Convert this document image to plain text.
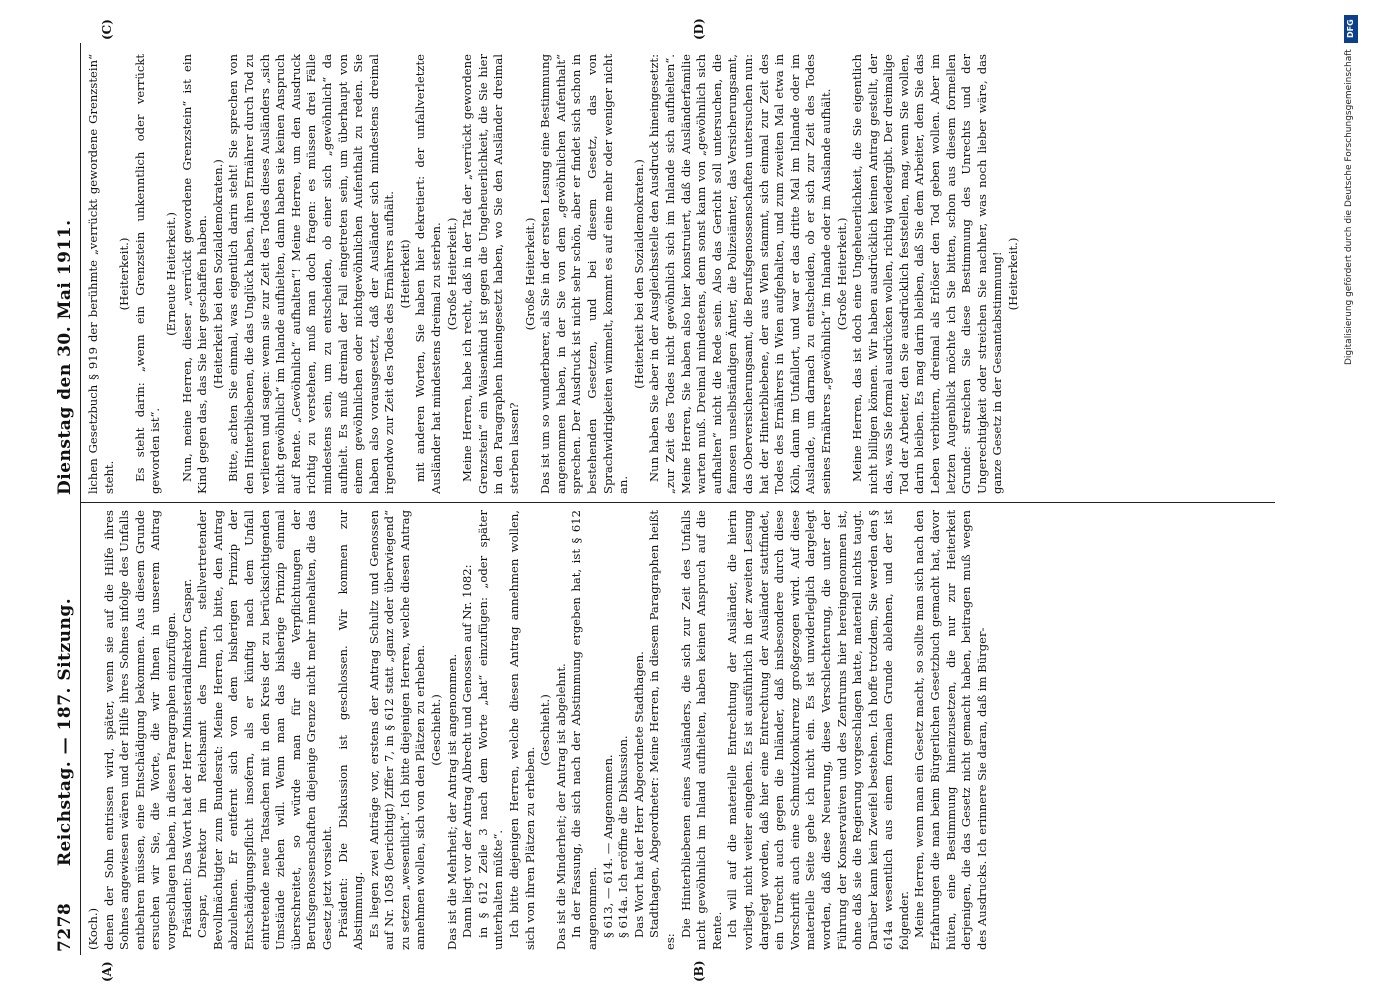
7278
Reichstag. — 187. Sitzung.
Dienstag den 30. Mai 1911.
(A)	(B)
(C)	(D)

(Koch.) denen der Sohn entrissen wird, später, wenn sie auf die Hilfe ihres Sohnes angewiesen wären und der Hilfe ihres Sohnes infolge des Unfalls entbehren müssen, eine Entschädigung bekommen. Aus diesem Grunde ersuchen wir Sie, die Worte, die wir Ihnen in unserem Antrag vorgeschlagen haben, in diesen Paragraphen einzufügen. Präsident: Das Wort hat der Herr Ministerialdirektor Caspar. Caspar, Direktor im Reichsamt des Innern, stellvertretender Bevollmächtigter zum Bundesrat: Meine Herren, ich bitte, den Antrag abzulehnen. Er entfernt sich von dem bisherigen Prinzip der Entschädigungspflicht insofern, als er künftig nach dem Unfall eintretende neue Tatsachen mit in den Kreis der zu berücksichtigenden Umstände ziehen will. Wenn man das bisherige Prinzip einmal überschreitet, so würde man für die Verpflichtungen der Berufsgenossenschaften diejenige Grenze nicht mehr innehalten, die das Gesetz jetzt vorsieht. Präsident: Die Diskussion ist geschlossen. Wir kommen zur Abstimmung. Es liegen zwei Anträge vor, erstens der Antrag Schultz und Genossen auf Nr. 1058 (berichtigt) Ziffer 7, in § 612 statt „ganz oder überwiegend“ zu setzen „wesentlich“. Ich bitte diejenigen Herren, welche diesen Antrag annehmen wollen, sich von den Plätzen zu erheben. (Geschieht.) Das ist die Mehrheit; der Antrag ist angenommen. Dann liegt vor der Antrag Albrecht und Genossen auf Nr. 1082: in § 612 Zeile 3 nach dem Worte „hat“ einzufügen: „oder später unterhalten müßte“. Ich bitte diejenigen Herren, welche diesen Antrag annehmen wollen, sich von ihren Plätzen zu erheben.

(Geschieht.) Das ist die Minderheit; der Antrag ist abgelehnt. In der Fassung, die sich nach der Abstimmung ergeben hat, ist § 612 angenommen. § 613, — 614. — Angenommen. § 614a. Ich eröffne die Diskussion. Das Wort hat der Herr Abgeordnete Stadthagen. Stadthagen, Abgeordneter: Meine Herren, in diesem Paragraphen heißt es:

Die Hinterbliebenen eines Ausländers, die sich zur Zeit des Unfalls nicht gewöhnlich im Inland aufhielten, haben keinen Anspruch auf die Rente. Ich will auf die materielle Entrechtung der Ausländer, die hierin vorliegt, nicht weiter eingehen. Es ist ausführlich in der zweiten Lesung dargelegt worden, daß hier eine Entrechtung der Ausländer stattfindet, ein Unrecht auch gegen die Inländer, daß insbesondere durch diese Vorschrift auch eine Schmutzkonkurrenz großgezogen wird. Auf diese materielle Seite gehe ich nicht ein. Es ist unwiderleglich dargelegt worden, daß diese Neuerung, diese Verschlechterung, die unter der Führung der Konservativen und des Zentrums hier hereingenommen ist, ohne daß sie die Regierung vorgeschlagen hatte, materiell nichts taugt. Darüber kann kein Zweifel bestehen. Ich hoffe trotzdem, Sie werden den § 614a wesentlich aus einem formalen Grunde ablehnen, und der ist folgender. Meine Herren, wenn man ein Gesetz macht, so sollte man sich nach den Erfahrungen die man beim Bürgerlichen Gesetzbuch gemacht hat, davor hüten, eine Bestimmung hineinzusetzen, die nur zur Heiterkeit derjenigen, die das Gesetz nicht gemacht haben, beitragen muß wegen des Ausdrucks. Ich erinnere Sie daran, daß im Bürger-

lichen Gesetzbuch § 919 der berühmte „verrückt gewordene Grenzstein“ steht.

(Heiterkeit.) Es steht darin: „wenn ein Grenzstein unkenntlich oder verrückt geworden ist“.

(Erneute Heiterkeit.) Nun, meine Herren, dieser „verrückt gewordene Grenzstein“ ist ein Kind gegen das, das Sie hier geschaffen haben. (Heiterkeit bei den Sozialdemokraten.) Bitte, achten Sie einmal, was eigentlich darin steht! Sie sprechen von den Hinterbliebenen, die das Unglück haben, ihren Ernährer durch Tod zu verlieren und sagen: wenn sie zur Zeit des Todes dieses Ausländers „sich nicht gewöhnlich“ im Inlande aufhielten, dann haben sie keinen Anspruch auf Rente. „Gewöhnlich“ aufhalten“! Meine Herren, um den Ausdruck richtig zu verstehen, muß man doch fragen: es müssen drei Fälle mindestens sein, um zu entscheiden, ob einer sich „gewöhnlich“ da aufhielt. Es muß dreimal der Fall eingetreten sein, um überhaupt von einem gewöhnlichen oder nichtgewöhnlichen Aufenthalt zu reden. Sie haben also vorausgesetzt, daß der Ausländer sich mindestens dreimal irgendwo zur Zeit des Todes des Ernährers aufhält. (Heiterkeit) mit anderen Worten, Sie haben hier dekretiert: der unfallverletzte Ausländer hat mindestens dreimal zu sterben. (Große Heiterkeit.) Meine Herren, habe ich recht, daß in der Tat der „verrückt gewordene Grenzstein“ ein Waisenkind ist gegen die Ungeheuerlichkeit, die Sie hier in den Paragraphen hineingesetzt haben, wo Sie den Ausländer dreimal sterben lassen?

(Große Heiterkeit.) Das ist um so wunderbarer, als Sie in der ersten Lesung eine Bestimmung angenommen haben, in der Sie von dem „gewöhnlichen Aufenthalt“ sprechen. Der Ausdruck ist nicht sehr schön, aber er findet sich schon in bestehenden Gesetzen, und bei diesem Gesetz, das von Sprachwidrigkeiten wimmelt, kommt es auf eine mehr oder weniger nicht an.

(Heiterkeit bei den Sozialdemokraten.) Nun haben Sie aber in der Ausgleichsstelle den Ausdruck hineingesetzt: „zur Zeit des Todes nicht gewöhnlich sich im Inlande sich aufhielten“. Meine Herren, Sie haben also hier konstruiert, daß die Ausländerfamilie warten muß. Dreimal mindestens, denn sonst kann von „gewöhnlich sich aufhalten“ nicht die Rede sein. Also das Gericht soll untersuchen, die famosen unselbständigen Ämter, die Polizeiämter, das Versicherungsamt, das Oberversicherungsamt, die Berufsgenossenschaften untersuchen nun: hat der Hinterbliebene, der aus Wien stammt, sich einmal zur Zeit des Todes des Ernährers in Wien aufgehalten, und zum zweiten Mal etwa in Köln, dann im Unfallort, und war er das dritte Mal im Inlande oder im Auslande, um darnach zu entscheiden, ob er sich zur Zeit des Todes seines Ernährers „gewöhnlich“ im Inlande oder im Auslande aufhält. (Große Heiterkeit.) Meine Herren, das ist doch eine Ungeheuerlichkeit, die Sie eigentlich nicht billigen können. Wir haben ausdrücklich keinen Antrag gestellt, der das, was Sie formal ausdrücken wollen, richtig wiedergibt. Der dreimalige Tod der Arbeiter, den Sie ausdrücklich feststellen, mag, wenn Sie wollen, darin bleiben. Es mag darin bleiben, daß Sie dem Arbeiter, dem Sie das Leben verbittern, dreimal als Erlöser den Tod geben wollen. Aber im letzten Augenblick möchte ich Sie bitten, schon aus diesem formellen Grunde: streichen Sie diese Bestimmung des Unrechts und der Ungerechtigkeit oder streichen Sie nachher, was noch lieber wäre, das ganze Gesetz in der Gesamtabstimmung! (Heiterkeit.)

DFG
Digitalisierung gefördert durch die Deutsche Forschungsgemeinschaft
